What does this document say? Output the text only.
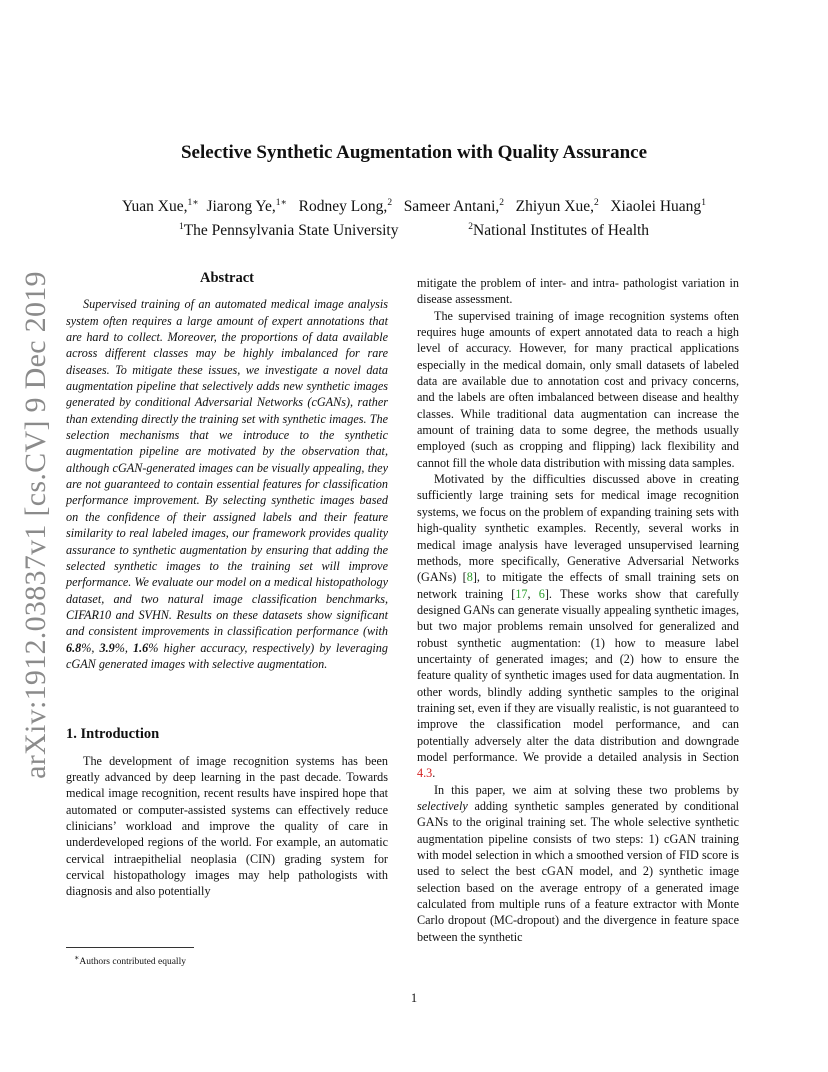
arXiv:1912.03837v1 [cs.CV] 9 Dec 2019
Selective Synthetic Augmentation with Quality Assurance
Yuan Xue,$^{1∗}$ Jiarong Ye,$^{1∗}$ Rodney Long,$^2$ Sameer Antani,$^2$ Zhiyun Xue,$^2$ Xiaolei Huang$^1$
$^1$The Pennsylvania State University	$^2$National Institutes of Health
Abstract

Supervised training of an automated medical image analysis system often requires a large amount of expert annotations that are hard to collect. Moreover, the proportions of data available across different classes may be highly imbalanced for rare diseases. To mitigate these issues, we investigate a novel data augmentation pipeline that selectively adds new synthetic images generated by conditional Adversarial Networks (cGANs), rather than extending directly the training set with synthetic images. The selection mechanisms that we introduce to the synthetic augmentation pipeline are motivated by the observation that, although cGAN-generated images can be visually appealing, they are not guaranteed to contain essential features for classification performance improvement. By selecting synthetic images based on the confidence of their assigned labels and their feature similarity to real labeled images, our framework provides quality assurance to synthetic augmentation by ensuring that adding the selected synthetic images to the training set will improve performance. We evaluate our model on a medical histopathology dataset, and two natural image classification benchmarks, CIFAR10 and SVHN. Results on these datasets show significant and consistent improvements in classification performance (with 6.8%, 3.9%, 1.6% higher accuracy, respectively) by leveraging cGAN generated images with selective augmentation.

1. Introduction

The development of image recognition systems has been greatly advanced by deep learning in the past decade. Towards medical image recognition, recent results have inspired hope that automated or computer-assisted systems can effectively reduce clinicians’ workload and improve the quality of care in underdeveloped regions of the world. For example, an automatic cervical intraepithelial neoplasia (CIN) grading system for cervical histopathology images may help pathologists with diagnosis and also potentially

mitigate the problem of inter- and intra- pathologist variation in disease assessment.

The supervised training of image recognition systems often requires huge amounts of expert annotated data to reach a high level of accuracy. However, for many practical applications especially in the medical domain, only small datasets of labeled data are available due to annotation cost and privacy concerns, and the labels are often imbalanced between disease and healthy classes. While traditional data augmentation can increase the amount of training data to some degree, the methods usually employed (such as cropping and flipping) lack flexibility and cannot fill the whole data distribution with missing data samples.

Motivated by the difficulties discussed above in creating sufficiently large training sets for medical image recognition systems, we focus on the problem of expanding training sets with high-quality synthetic examples. Recently, several works in medical image analysis have leveraged unsupervised learning methods, more specifically, Generative Adversarial Networks (GANs) [8], to mitigate the effects of small training sets on network training [17, 6]. These works show that carefully designed GANs can generate visually appealing synthetic images, but two major problems remain unsolved for generalized and robust synthetic augmentation: (1) how to measure label uncertainty of generated images; and (2) how to ensure the feature quality of synthetic images used for data augmentation. In other words, blindly adding synthetic samples to the original training set, even if they are visually realistic, is not guaranteed to improve the classification model performance, and can potentially adversely alter the data distribution and downgrade model performance. We provide a detailed analysis in Section 4.3.

In this paper, we aim at solving these two problems by selectively adding synthetic samples generated by conditional GANs to the original training set. The whole selective synthetic augmentation pipeline consists of two steps: 1) cGAN training with model selection in which a smoothed version of FID score is used to select the best cGAN model, and 2) synthetic image selection based on the average entropy of a generated image calculated from multiple runs of a feature extractor with Monte Carlo dropout (MC-dropout) and the divergence in feature space between the synthetic

∗Authors contributed equally
1
